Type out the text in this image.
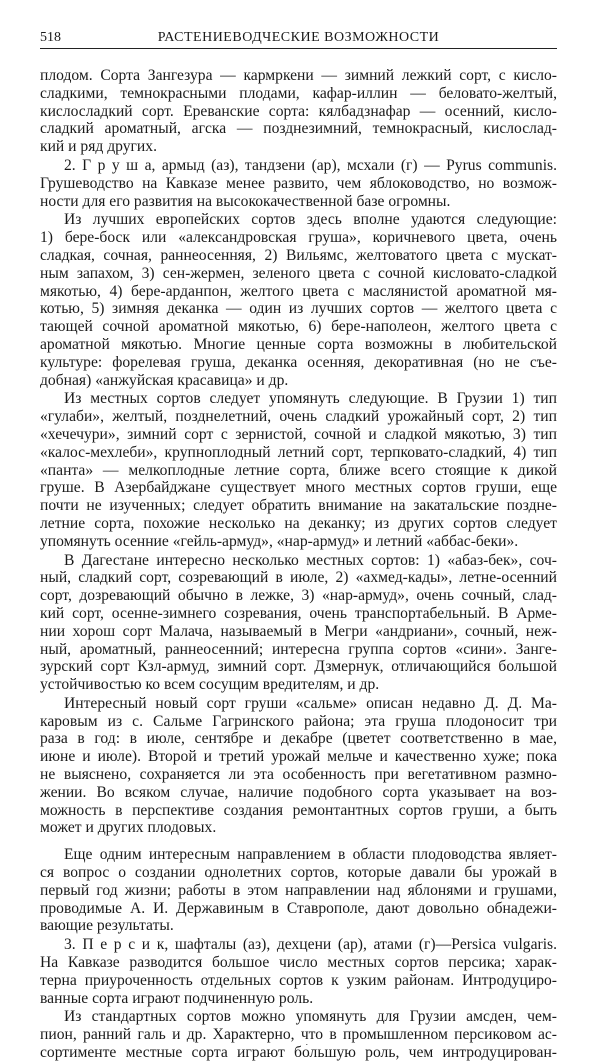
518	РАСТЕНИЕВОДЧЕСКИЕ ВОЗМОЖНОСТИ
плодом. Сорта Зангезура — кармркени — зимний лежкий сорт, с кисло-
сладкими, темнокрасными плодами, кафар-иллин — беловато-желтый,
кислосладкий сорт. Ереванские сорта: кялбадзнафар — осенний, кисло-
сладкий ароматный, агска — позднезимний, темнокрасный, кислослад-
кий и ряд других.
2. Г р у ш а, армыд (аз), тандзени (ар), мсхали (г) — Pyrus communis.
Грушеводство на Кавказе менее развито, чем яблоководство, но возмож-
ности для его развития на высококачественной базе огромны.
Из лучших европейских сортов здесь вполне удаются следующие:
1) бере-боск или «александровская груша», коричневого цвета, очень
сладкая, сочная, раннеосенняя, 2) Вильямс, желтоватого цвета с мускат-
ным запахом, 3) сен-жермен, зеленого цвета с сочной кисловато-сладкой
мякотью, 4) бере-арданпон, желтого цвета с маслянистой ароматной мя-
котью, 5) зимняя деканка — один из лучших сортов — желтого цвета с
тающей сочной ароматной мякотью, 6) бере-наполеон, желтого цвета с
ароматной мякотью. Многие ценные сорта возможны в любительской
культуре: форелевая груша, деканка осенняя, декоративная (но не съе-
добная) «анжуйская красавица» и др.
Из местных сортов следует упомянуть следующие. В Грузии 1) тип
«гулаби», желтый, позднелетний, очень сладкий урожайный сорт, 2) тип
«хечечури», зимний сорт с зернистой, сочной и сладкой мякотью, 3) тип
«калос-мехлеби», крупноплодный летний сорт, терпковато-сладкий, 4) тип
«панта» — мелкоплодные летние сорта, ближе всего стоящие к дикой
груше. В Азербайджане существует много местных сортов груши, еще
почти не изученных; следует обратить внимание на закатальские поздне-
летние сорта, похожие несколько на деканку; из других сортов следует
упомянуть осенние «гейль-армуд», «нар-армуд» и летний «аббас-беки».
В Дагестане интересно несколько местных сортов: 1) «абаз-бек», соч-
ный, сладкий сорт, созревающий в июле, 2) «ахмед-кады», летне-осенний
сорт, дозревающий обычно в лежке, 3) «нар-армуд», очень сочный, слад-
кий сорт, осенне-зимнего созревания, очень транспортабельный. В Арме-
нии хорош сорт Малача, называемый в Мегри «андриани», сочный, неж-
ный, ароматный, раннеосенний; интересна группа сортов «сини». Занге-
зурский сорт Кзл-армуд, зимний сорт. Дзмернук, отличающийся большой
устойчивостью ко всем сосущим вредителям, и др.
Интересный новый сорт груши «сальме» описан недавно Д. Д. Ма-
каровым из с. Сальме Гагринского района; эта груша плодоносит три
раза в год: в июле, сентябре и декабре (цветет соответственно в мае,
июне и июле). Второй и третий урожай мельче и качественно хуже; пока
не выяснено, сохраняется ли эта особенность при вегетативном размно-
жении. Во всяком случае, наличие подобного сорта указывает на воз-
можность в перспективе создания ремонтантных сортов груши, а быть
может и других плодовых.
Еще одним интересным направлением в области плодоводства являет-
ся вопрос о создании однолетних сортов, которые давали бы урожай в
первый год жизни; работы в этом направлении над яблонями и грушами,
проводимые А. И. Державиным в Ставрополе, дают довольно обнадежи-
вающие результаты.
3. П е р с и к, шафталы (аз), дехцени (ар), атами (г)—Persica vulgaris.
На Кавказе разводится большое число местных сортов персика; харак-
терна приуроченность отдельных сортов к узким районам. Интродуциро-
ванные сорта играют подчиненную роль.
Из стандартных сортов можно упомянуть для Грузии амсден, чем-
пион, ранний галь и др. Характерно, что в промышленном персиковом ас-
сортименте местные сорта играют бо́льшую роль, чем интродуцирован-
